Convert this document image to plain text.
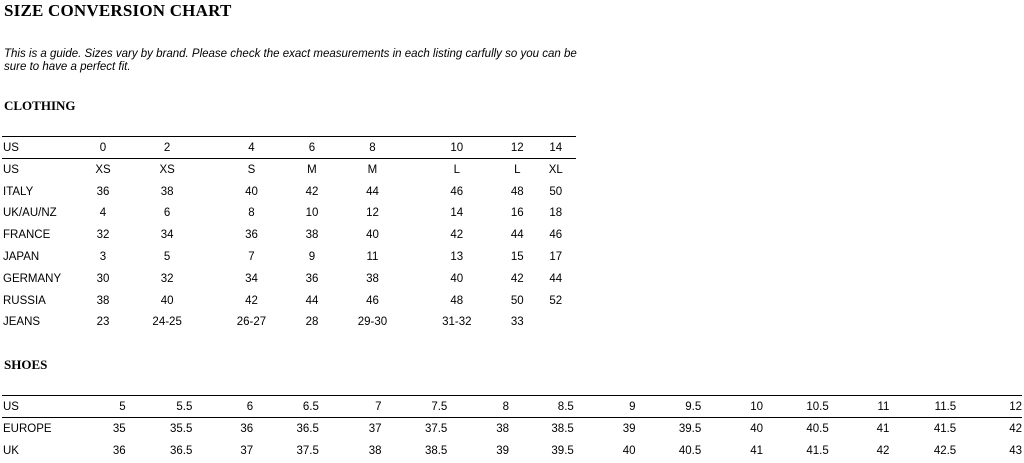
SIZE CONVERSION CHART
This is a guide. Sizes vary by brand. Please check the exact measurements in each listing carfully so you can be sure to have a perfect fit.
CLOTHING
US	0	2	4	6	8	10	12	14
US	XS	XS	S	M	M	L	L	XL
ITALY	36	38	40	42	44	46	48	50
UK/AU/NZ	4	6	8	10	12	14	16	18
FRANCE	32	34	36	38	40	42	44	46
JAPAN	3	5	7	9	11	13	15	17
GERMANY	30	32	34	36	38	40	42	44
RUSSIA	38	40	42	44	46	48	50	52
JEANS	23	24-25	26-27	28	29-30	31-32	33	
SHOES
US	5	5.5	6	6.5	7	7.5	8	8.5	9	9.5	10	10.5	11	11.5	12
EUROPE	35	35.5	36	36.5	37	37.5	38	38.5	39	39.5	40	40.5	41	41.5	42
UK	36	36.5	37	37.5	38	38.5	39	39.5	40	40.5	41	41.5	42	42.5	43
